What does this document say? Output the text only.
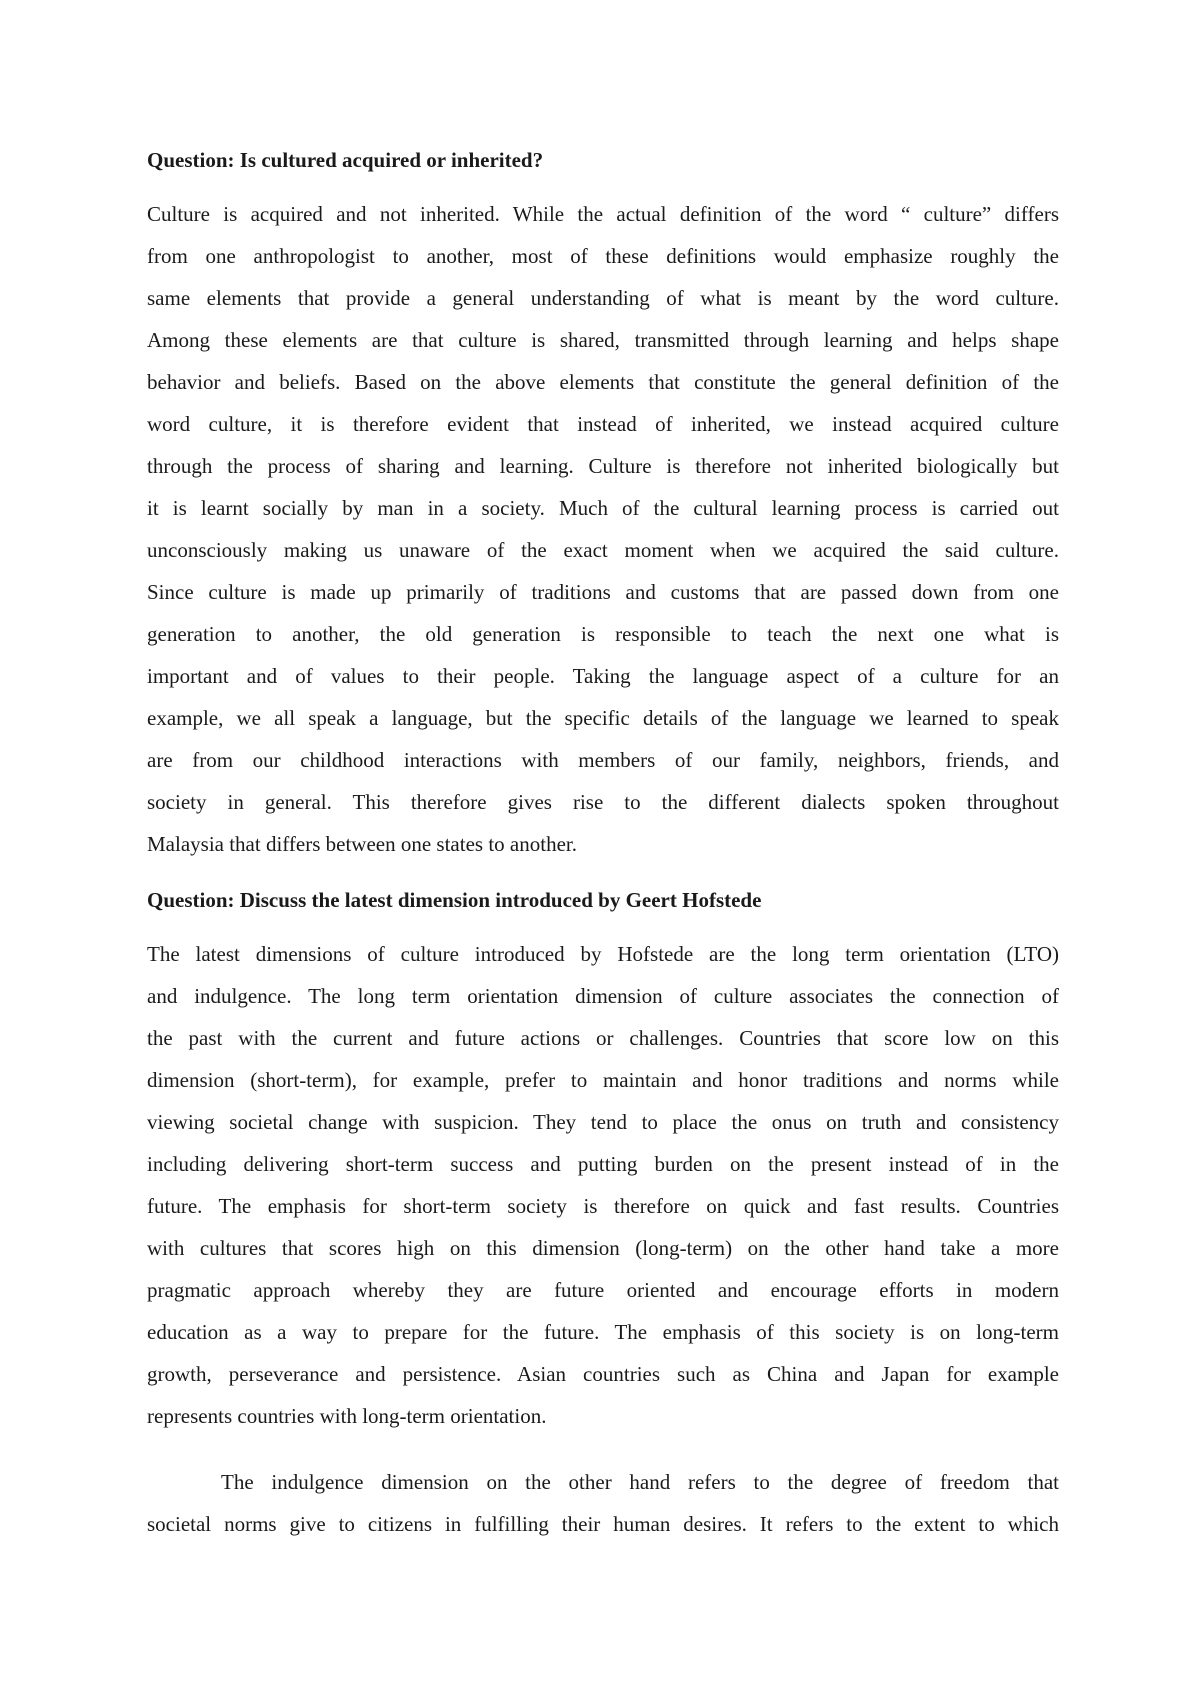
Question: Is cultured acquired or inherited?
Culture is acquired and not inherited. While the actual definition of the word “ culture” differs
from one anthropologist to another, most of these definitions would emphasize roughly the
same elements that provide a general understanding of what is meant by the word culture.
Among these elements are that culture is shared, transmitted through learning and helps shape
behavior and beliefs. Based on the above elements that constitute the general definition of the
word culture, it is therefore evident that instead of inherited, we instead acquired culture
through the process of sharing and learning. Culture is therefore not inherited biologically but
it is learnt socially by man in a society. Much of the cultural learning process is carried out
unconsciously making us unaware of the exact moment when we acquired the said culture.
Since culture is made up primarily of traditions and customs that are passed down from one
generation to another, the old generation is responsible to teach the next one what is
important and of values to their people. Taking the language aspect of a culture for an
example, we all speak a language, but the specific details of the language we learned to speak
are from our childhood interactions with members of our family, neighbors, friends, and
society in general. This therefore gives rise to the different dialects spoken throughout
Malaysia that differs between one states to another.
Question: Discuss the latest dimension introduced by Geert Hofstede
The latest dimensions of culture introduced by Hofstede are the long term orientation (LTO)
and indulgence. The long term orientation dimension of culture associates the connection of
the past with the current and future actions or challenges. Countries that score low on this
dimension (short-term), for example, prefer to maintain and honor traditions and norms while
viewing societal change with suspicion. They tend to place the onus on truth and consistency
including delivering short-term success and putting burden on the present instead of in the
future. The emphasis for short-term society is therefore on quick and fast results. Countries
with cultures that scores high on this dimension (long-term) on the other hand take a more
pragmatic approach whereby they are future oriented and encourage efforts in modern
education as a way to prepare for the future. The emphasis of this society is on long-term
growth, perseverance and persistence. Asian countries such as China and Japan for example
represents countries with long-term orientation.
The indulgence dimension on the other hand refers to the degree of freedom that
societal norms give to citizens in fulfilling their human desires. It refers to the extent to which
